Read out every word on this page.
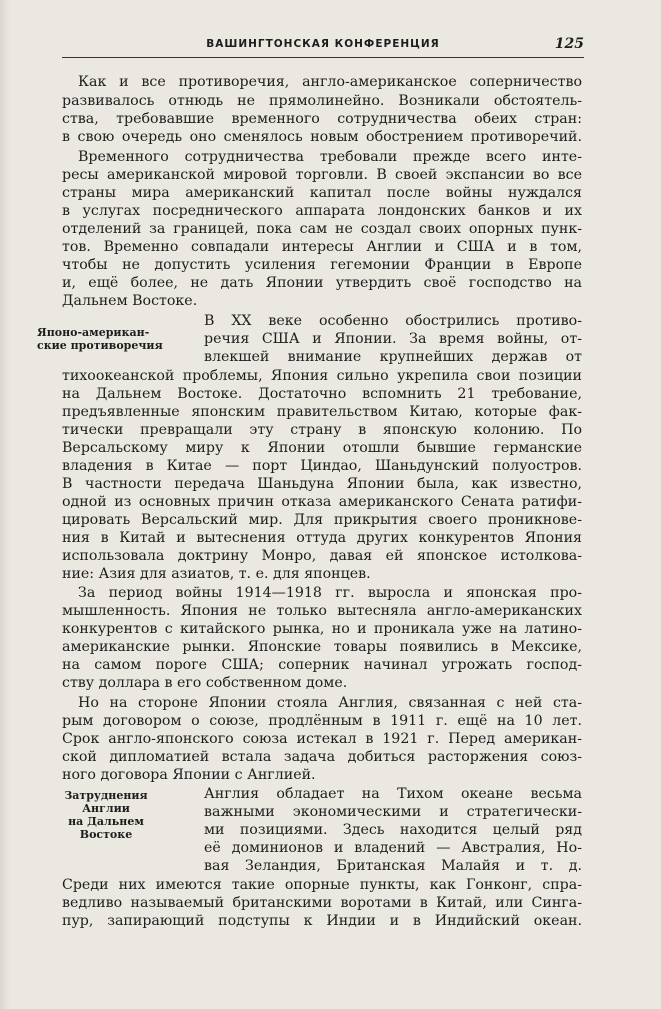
ВАШИНГТОНСКАЯ КОНФЕРЕНЦИЯ	125
Японо-американ-
ские противоречия
Затруднения
Англии
на Дальнем
Востоке
Как и все противоречия, англо-американское соперничество
развивалось отнюдь не прямолинейно. Возникали обстоятель-
ства, требовавшие временного сотрудничества обеих стран:
в свою очередь оно сменялось новым обострением противоречий.
Временного сотрудничества требовали прежде всего инте-
ресы американской мировой торговли. В своей экспансии во все
страны мира американский капитал после войны нуждался
в услугах посреднического аппарата лондонских банков и их
отделений за границей, пока сам не создал своих опорных пунк-
тов. Временно совпадали интересы Англии и США и в том,
чтобы не допустить усиления гегемонии Франции в Европе
и, ещё более, не дать Японии утвердить своё господство на
Дальнем Востоке.
В XX веке особенно обострились противо-
речия США и Японии. За время войны, от-
влекшей внимание крупнейших держав от
тихоокеанской проблемы, Япония сильно укрепила свои позиции
на Дальнем Востоке. Достаточно вспомнить 21 требование,
предъявленные японским правительством Китаю, которые фак-
тически превращали эту страну в японскую колонию. По
Версальскому миру к Японии отошли бывшие германские
владения в Китае — порт Циндао, Шаньдунский полуостров.
В частности передача Шаньдуна Японии была, как известно,
одной из основных причин отказа американского Сената ратифи-
цировать Версальский мир. Для прикрытия своего проникнове-
ния в Китай и вытеснения оттуда других конкурентов Япония
использовала доктрину Монро, давая ей японское истолкова-
ние: Азия для азиатов, т. е. для японцев.
За период войны 1914—1918 гг. выросла и японская про-
мышленность. Япония не только вытесняла англо-американских
конкурентов с китайского рынка, но и проникала уже на латино-
американские рынки. Японские товары появились в Мексике,
на самом пороге США; соперник начинал угрожать господ-
ству доллара в его собственном доме.
Но на стороне Японии стояла Англия, связанная с ней ста-
рым договором о союзе, продлённым в 1911 г. ещё на 10 лет.
Срок англо-японского союза истекал в 1921 г. Перед американ-
ской дипломатией встала задача добиться расторжения союз-
ного договора Японии с Англией.
Англия обладает на Тихом океане весьма
важными экономическими и стратегически-
ми позициями. Здесь находится целый ряд
её доминионов и владений — Австралия, Но-
вая Зеландия, Британская Малайя и т. д.
Среди них имеются такие опорные пункты, как Гонконг, спра-
ведливо называемый британскими воротами в Китай, или Синга-
пур, запирающий подступы к Индии и в Индийский океан.
